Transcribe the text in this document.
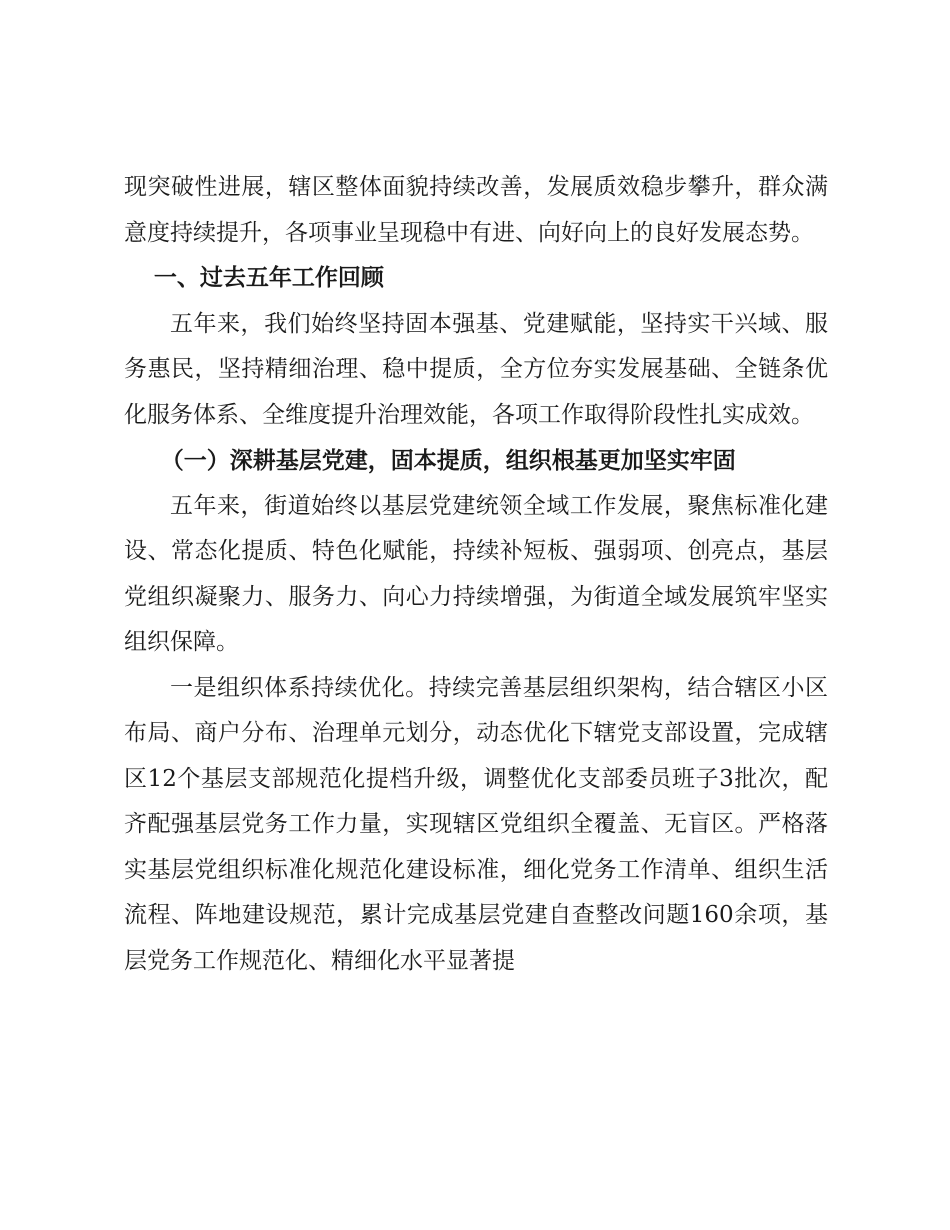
现突破性进展，辖区整体面貌持续改善，发展质效稳步攀升，群众满意度持续提升，各项事业呈现稳中有进、向好向上的良好发展态势。

一、过去五年工作回顾

五年来，我们始终坚持固本强基、党建赋能，坚持实干兴域、服务惠民，坚持精细治理、稳中提质，全方位夯实发展基础、全链条优化服务体系、全维度提升治理效能，各项工作取得阶段性扎实成效。

（一）深耕基层党建，固本提质，组织根基更加坚实牢固

五年来，街道始终以基层党建统领全域工作发展，聚焦标准化建设、常态化提质、特色化赋能，持续补短板、强弱项、创亮点，基层党组织凝聚力、服务力、向心力持续增强，为街道全域发展筑牢坚实组织保障。

一是组织体系持续优化。持续完善基层组织架构，结合辖区小区布局、商户分布、治理单元划分，动态优化下辖党支部设置，完成辖区12个基层支部规范化提档升级，调整优化支部委员班子3批次，配齐配强基层党务工作力量，实现辖区党组织全覆盖、无盲区。严格落实基层党组织标准化规范化建设标准，细化党务工作清单、组织生活流程、阵地建设规范，累计完成基层党建自查整改问题160余项，基层党务工作规范化、精细化水平显著提
